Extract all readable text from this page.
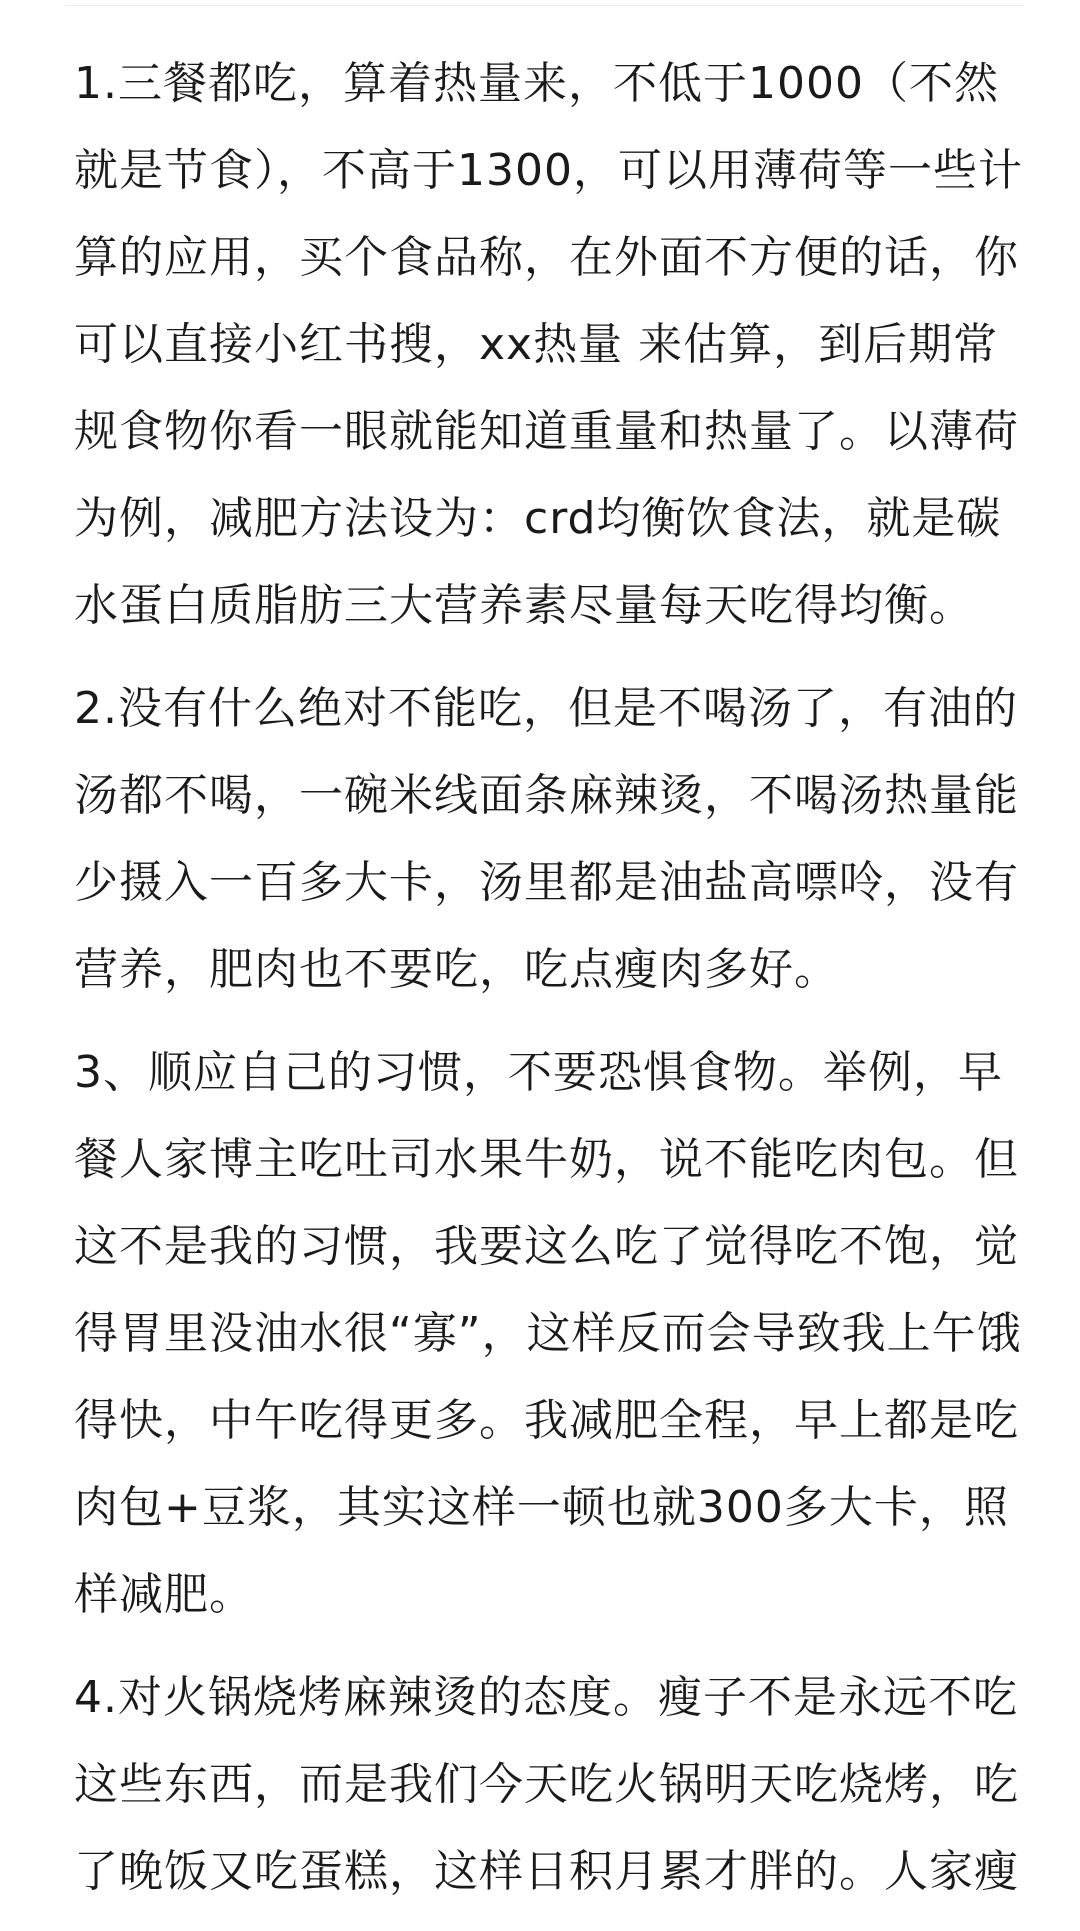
1.三餐都吃，算着热量来，不低于1000（不然就是节食），不高于1300，可以用薄荷等一些计算的应用，买个食品称，在外面不方便的话，你可以直接小红书搜，xx热量 来估算，到后期常规食物你看一眼就能知道重量和热量了。以薄荷为例，减肥方法设为：crd均衡饮食法，就是碳水蛋白质脂肪三大营养素尽量每天吃得均衡。

2.没有什么绝对不能吃，但是不喝汤了，有油的汤都不喝，一碗米线面条麻辣烫，不喝汤热量能少摄入一百多大卡，汤里都是油盐高嘌呤，没有营养，肥肉也不要吃，吃点瘦肉多好。

3、顺应自己的习惯，不要恐惧食物。举例，早餐人家博主吃吐司水果牛奶，说不能吃肉包。但这不是我的习惯，我要这么吃了觉得吃不饱，觉得胃里没油水很“寡”，这样反而会导致我上午饿得快，中午吃得更多。我减肥全程，早上都是吃肉包+豆浆，其实这样一顿也就300多大卡，照样减肥。

4.对火锅烧烤麻辣烫的态度。瘦子不是永远不吃这些东西，而是我们今天吃火锅明天吃烧烤，吃了晚饭又吃蛋糕，这样日积月累才胖的。人家瘦
